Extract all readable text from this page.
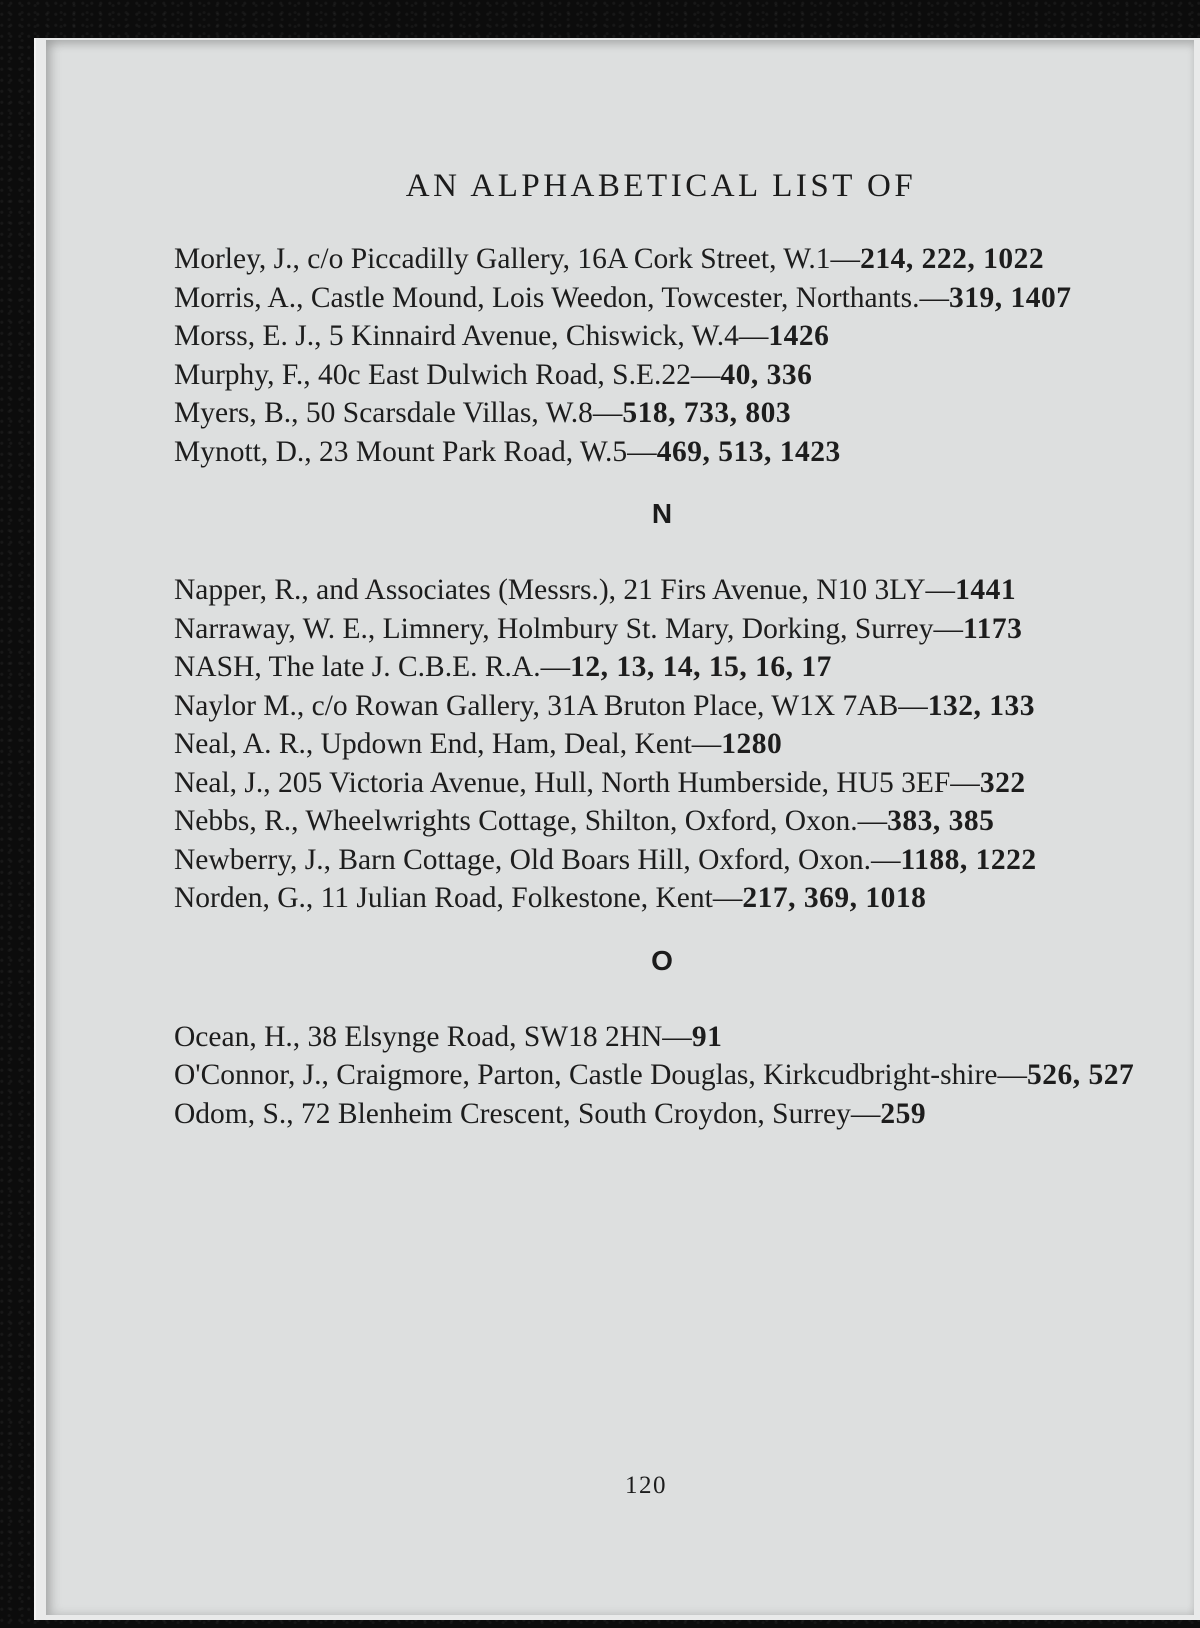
AN ALPHABETICAL LIST OF
Morley, J., c/o Piccadilly Gallery, 16A Cork Street, W.1—214, 222, 1022
Morris, A., Castle Mound, Lois Weedon, Towcester, Northants.—319, 1407
Morss, E. J., 5 Kinnaird Avenue, Chiswick, W.4—1426
Murphy, F., 40c East Dulwich Road, S.E.22—40, 336
Myers, B., 50 Scarsdale Villas, W.8—518, 733, 803
Mynott, D., 23 Mount Park Road, W.5—469, 513, 1423
N
Napper, R., and Associates (Messrs.), 21 Firs Avenue, N10 3LY—1441
Narraway, W. E., Limnery, Holmbury St. Mary, Dorking, Surrey—1173
NASH, The late J. C.B.E. R.A.—12, 13, 14, 15, 16, 17
Naylor M., c/o Rowan Gallery, 31A Bruton Place, W1X 7AB—132, 133
Neal, A. R., Updown End, Ham, Deal, Kent—1280
Neal, J., 205 Victoria Avenue, Hull, North Humberside, HU5 3EF—322
Nebbs, R., Wheelwrights Cottage, Shilton, Oxford, Oxon.—383, 385
Newberry, J., Barn Cottage, Old Boars Hill, Oxford, Oxon.—1188, 1222
Norden, G., 11 Julian Road, Folkestone, Kent—217, 369, 1018
O
Ocean, H., 38 Elsynge Road, SW18 2HN—91
O'Connor, J., Craigmore, Parton, Castle Douglas, Kirkcudbright-shire—526, 527
Odom, S., 72 Blenheim Crescent, South Croydon, Surrey—259
120
